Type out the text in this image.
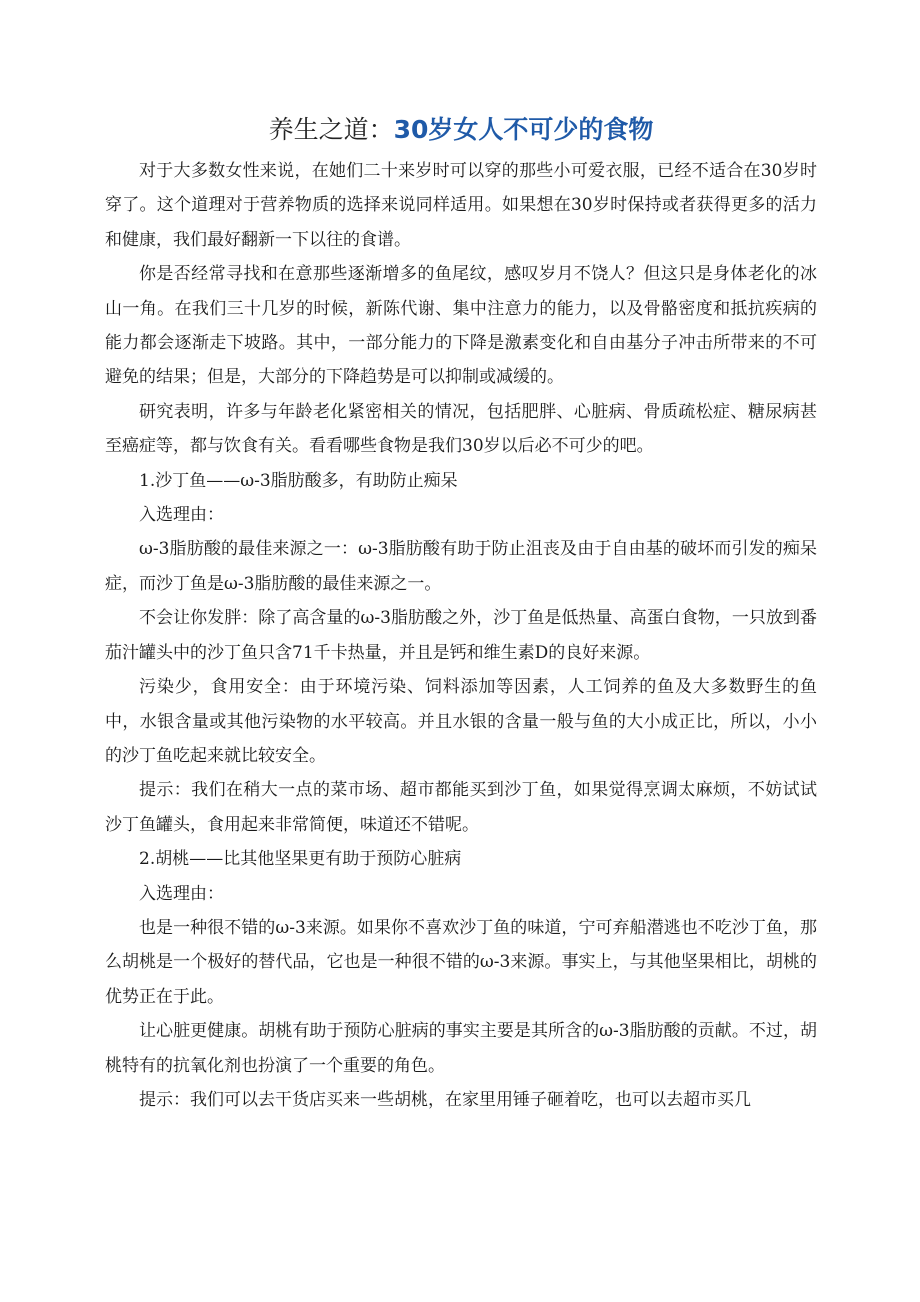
养生之道：30岁女人不可少的食物

对于大多数女性来说，在她们二十来岁时可以穿的那些小可爱衣服，已经不适合在30岁时穿了。这个道理对于营养物质的选择来说同样适用。如果想在30岁时保持或者获得更多的活力和健康，我们最好翻新一下以往的食谱。

你是否经常寻找和在意那些逐渐增多的鱼尾纹，感叹岁月不饶人？但这只是身体老化的冰山一角。在我们三十几岁的时候，新陈代谢、集中注意力的能力，以及骨骼密度和抵抗疾病的能力都会逐渐走下坡路。其中，一部分能力的下降是激素变化和自由基分子冲击所带来的不可避免的结果；但是，大部分的下降趋势是可以抑制或减缓的。

研究表明，许多与年龄老化紧密相关的情况，包括肥胖、心脏病、骨质疏松症、糖尿病甚至癌症等，都与饮食有关。看看哪些食物是我们30岁以后必不可少的吧。

1.沙丁鱼——ω-3脂肪酸多，有助防止痴呆

入选理由：

ω-3脂肪酸的最佳来源之一：ω-3脂肪酸有助于防止沮丧及由于自由基的破坏而引发的痴呆症，而沙丁鱼是ω-3脂肪酸的最佳来源之一。

不会让你发胖：除了高含量的ω-3脂肪酸之外，沙丁鱼是低热量、高蛋白食物，一只放到番茄汁罐头中的沙丁鱼只含71千卡热量，并且是钙和维生素D的良好来源。

污染少，食用安全：由于环境污染、饲料添加等因素，人工饲养的鱼及大多数野生的鱼中，水银含量或其他污染物的水平较高。并且水银的含量一般与鱼的大小成正比，所以，小小的沙丁鱼吃起来就比较安全。

提示：我们在稍大一点的菜市场、超市都能买到沙丁鱼，如果觉得烹调太麻烦，不妨试试沙丁鱼罐头，食用起来非常简便，味道还不错呢。

2.胡桃——比其他坚果更有助于预防心脏病

入选理由：

也是一种很不错的ω-3来源。如果你不喜欢沙丁鱼的味道，宁可弃船潜逃也不吃沙丁鱼，那么胡桃是一个极好的替代品，它也是一种很不错的ω-3来源。事实上，与其他坚果相比，胡桃的优势正在于此。

让心脏更健康。胡桃有助于预防心脏病的事实主要是其所含的ω-3脂肪酸的贡献。不过，胡桃特有的抗氧化剂也扮演了一个重要的角色。

提示：我们可以去干货店买来一些胡桃，在家里用锤子砸着吃，也可以去超市买几
